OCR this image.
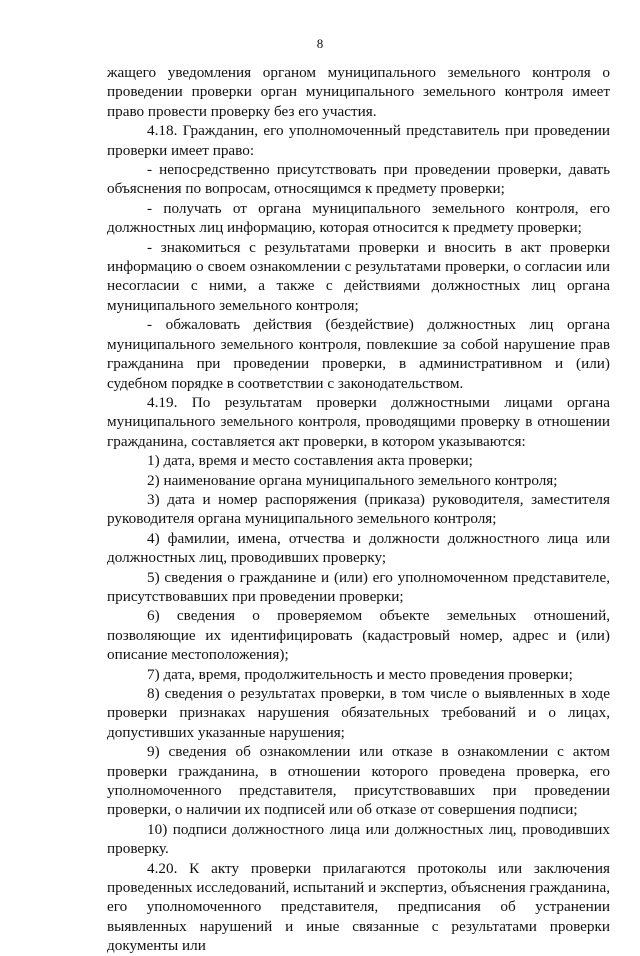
8

жащего уведомления органом муниципального земельного контроля о проведении проверки орган муниципального земельного контроля имеет право провести проверку без его участия.

4.18. Гражданин, его уполномоченный представитель при проведении проверки имеет право:

- непосредственно присутствовать при проведении проверки, давать объяснения по вопросам, относящимся к предмету проверки;

- получать от органа муниципального земельного контроля, его должностных лиц информацию, которая относится к предмету проверки;

- знакомиться с результатами проверки и вносить в акт проверки информацию о своем ознакомлении с результатами проверки, о согласии или несогласии с ними, а также с действиями должностных лиц органа муниципального земельного контроля;

- обжаловать действия (бездействие) должностных лиц органа муниципального земельного контроля, повлекшие за собой нарушение прав гражданина при проведении проверки, в административном и (или) судебном порядке в соответствии с законодательством.

4.19. По результатам проверки должностными лицами органа муниципального земельного контроля, проводящими проверку в отношении гражданина, составляется акт проверки, в котором указываются:

1) дата, время и место составления акта проверки;

2) наименование органа муниципального земельного контроля;

3) дата и номер распоряжения (приказа) руководителя, заместителя руководителя органа муниципального земельного контроля;

4) фамилии, имена, отчества и должности должностного лица или должностных лиц, проводивших проверку;

5) сведения о гражданине и (или) его уполномоченном представителе, присутствовавших при проведении проверки;

6) сведения о проверяемом объекте земельных отношений, позволяющие их идентифицировать (кадастровый номер, адрес и (или) описание местоположения);

7) дата, время, продолжительность и место проведения проверки;

8) сведения о результатах проверки, в том числе о выявленных в ходе проверки признаках нарушения обязательных требований и о лицах, допустивших указанные нарушения;

9) сведения об ознакомлении или отказе в ознакомлении с актом проверки гражданина, в отношении которого проведена проверка, его уполномоченного представителя, присутствовавших при проведении проверки, о наличии их подписей или об отказе от совершения подписи;

10) подписи должностного лица или должностных лиц, проводивших проверку.

4.20. К акту проверки прилагаются протоколы или заключения проведенных исследований, испытаний и экспертиз, объяснения гражданина, его уполномоченного представителя, предписания об устранении выявленных нарушений и иные связанные с результатами проверки документы или
